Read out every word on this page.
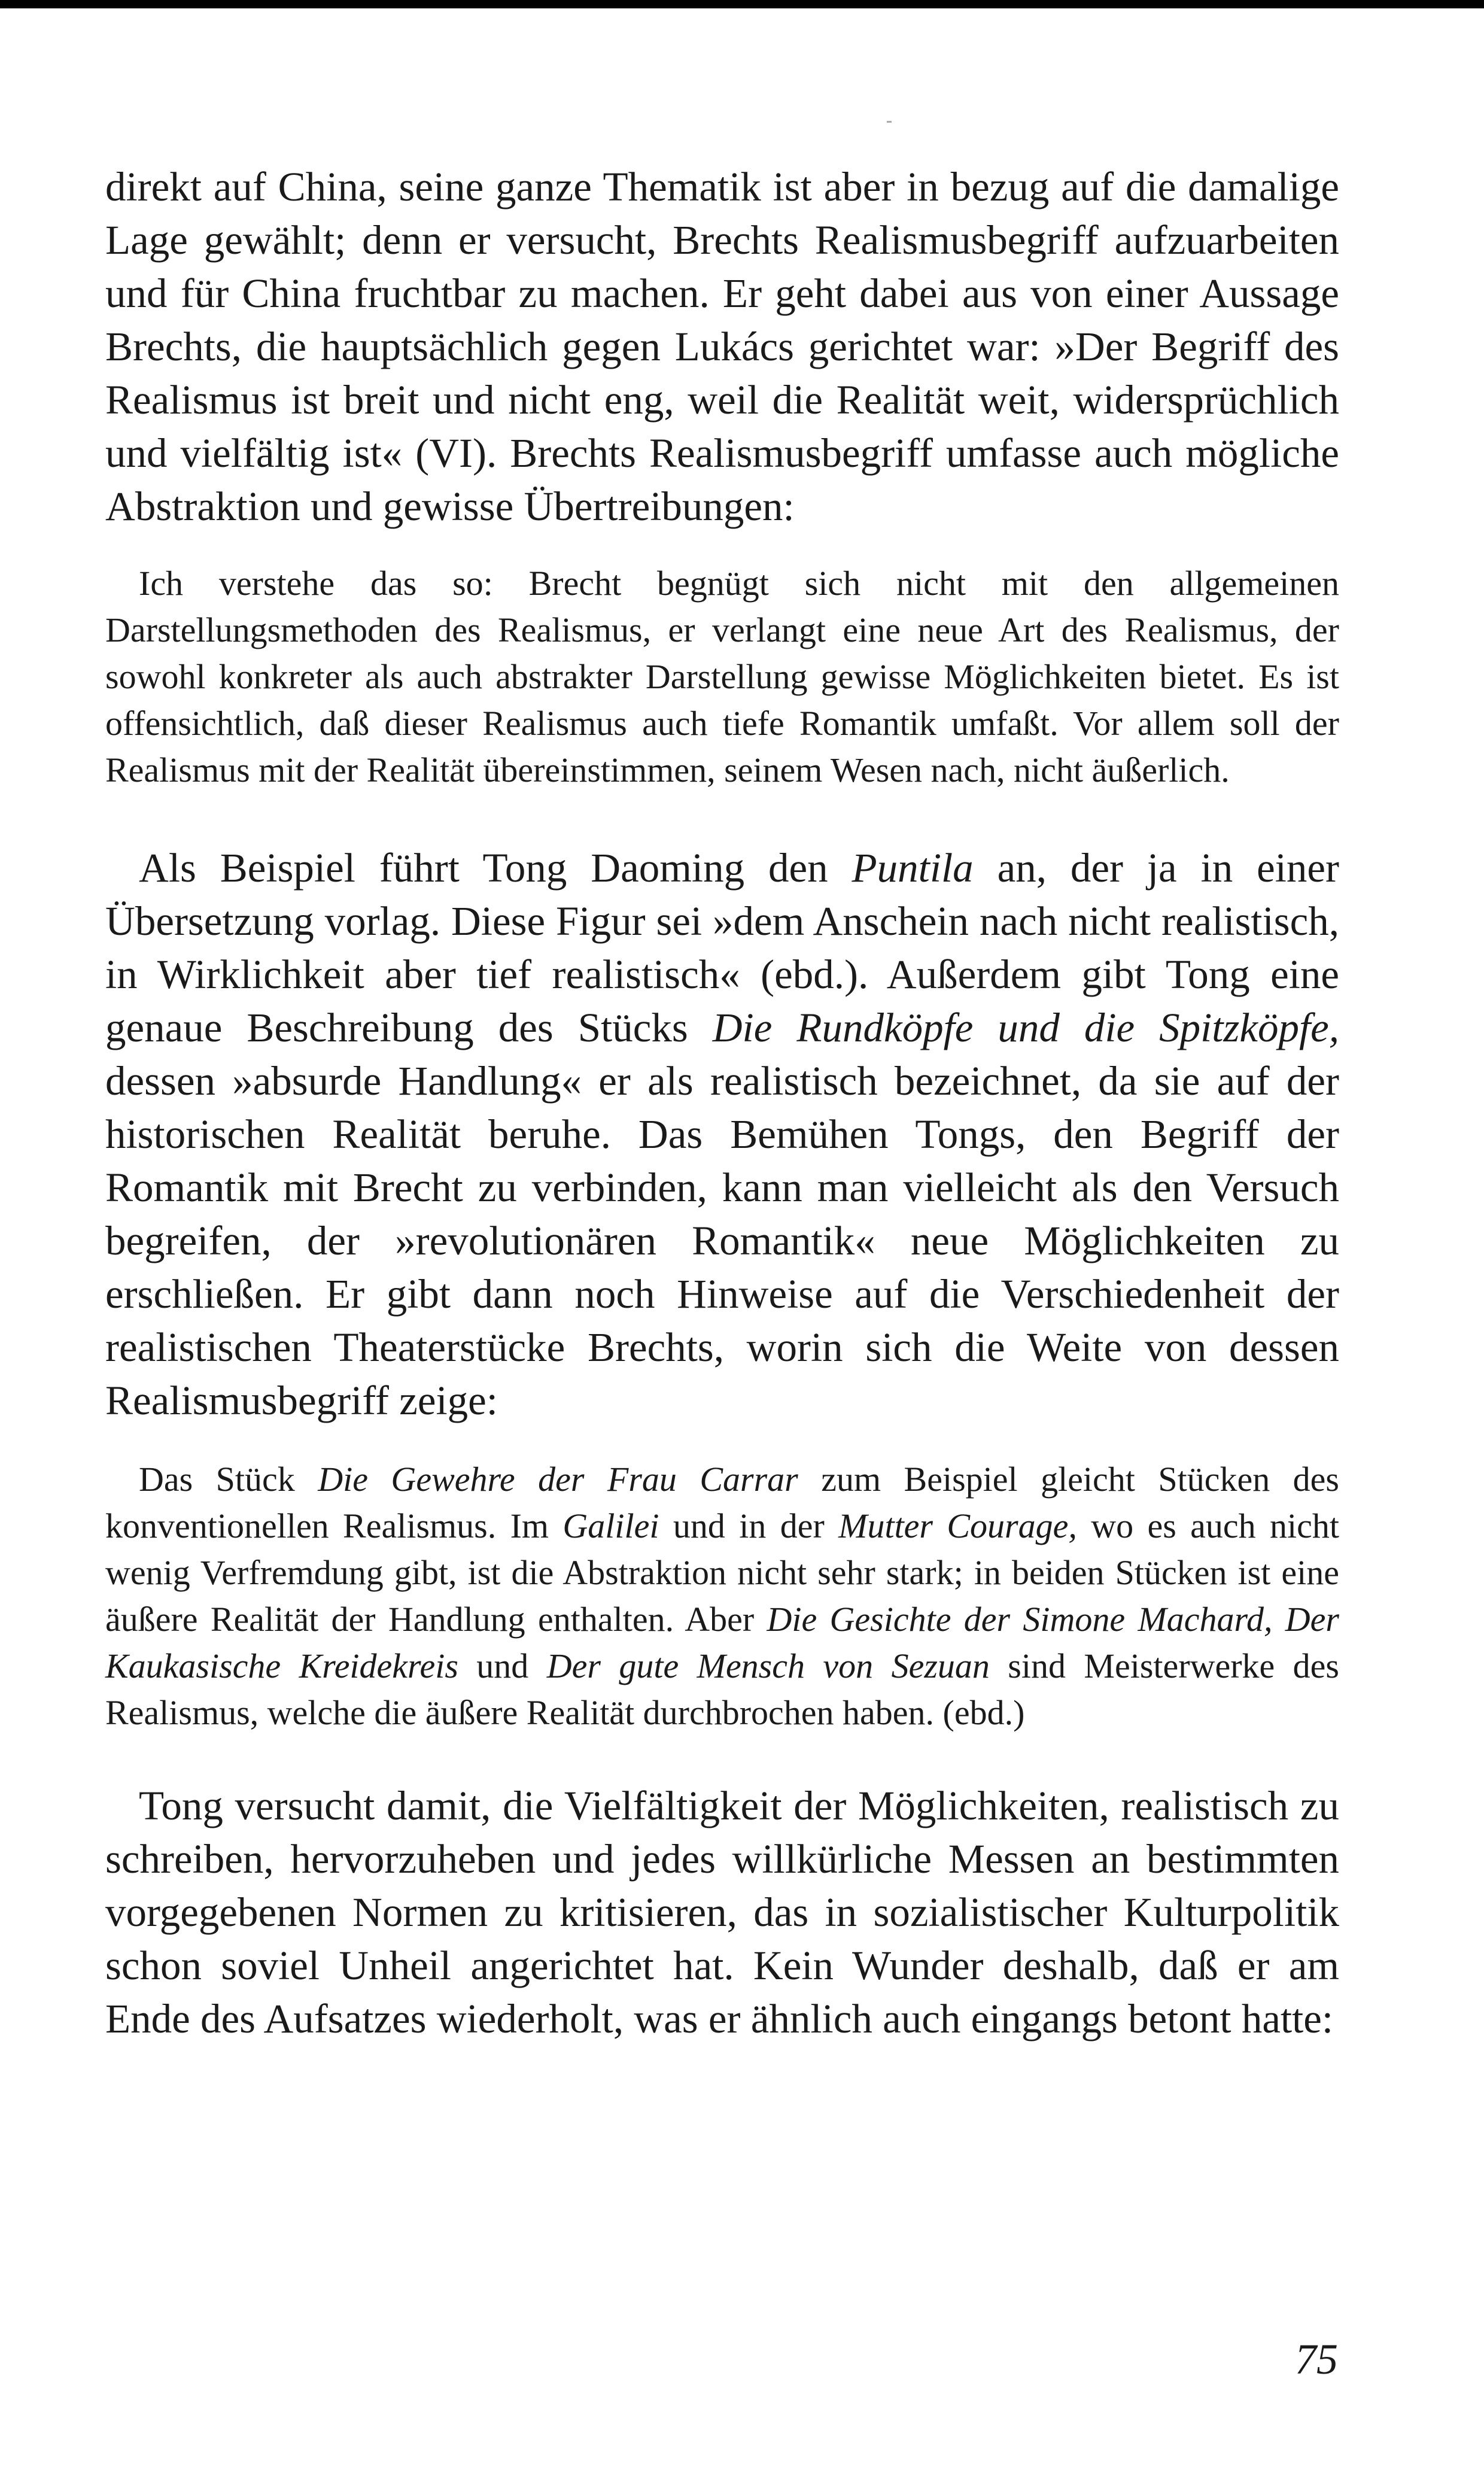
direkt auf China, seine ganze Thematik ist aber in bezug auf die damalige Lage gewählt; denn er versucht, Brechts Realismusbegriff aufzuarbeiten und für China fruchtbar zu machen. Er geht dabei aus von einer Aussage Brechts, die hauptsächlich gegen Lukács gerichtet war: »Der Begriff des Realismus ist breit und nicht eng, weil die Realität weit, widersprüchlich und vielfältig ist« (VI). Brechts Realismusbegriff umfasse auch mögliche Abstraktion und gewisse Übertreibungen:

Ich verstehe das so: Brecht begnügt sich nicht mit den allgemeinen Darstellungsmethoden des Realismus, er verlangt eine neue Art des Realismus, der sowohl konkreter als auch abstrakter Darstellung gewisse Möglichkeiten bietet. Es ist offensichtlich, daß dieser Realismus auch tiefe Romantik umfaßt. Vor allem soll der Realismus mit der Realität übereinstimmen, seinem Wesen nach, nicht äußerlich.

Als Beispiel führt Tong Daoming den Puntila an, der ja in einer Übersetzung vorlag. Diese Figur sei »dem Anschein nach nicht realistisch, in Wirklichkeit aber tief realistisch« (ebd.). Außerdem gibt Tong eine genaue Beschreibung des Stücks Die Rundköpfe und die Spitzköpfe, dessen »absurde Handlung« er als realistisch bezeichnet, da sie auf der historischen Realität beruhe. Das Bemühen Tongs, den Begriff der Romantik mit Brecht zu verbinden, kann man vielleicht als den Versuch begreifen, der »revolutionären Romantik« neue Möglichkeiten zu erschließen. Er gibt dann noch Hinweise auf die Verschiedenheit der realistischen Theaterstücke Brechts, worin sich die Weite von dessen Realismusbegriff zeige:

Das Stück Die Gewehre der Frau Carrar zum Beispiel gleicht Stücken des konventionellen Realismus. Im Galilei und in der Mutter Courage, wo es auch nicht wenig Verfremdung gibt, ist die Abstraktion nicht sehr stark; in beiden Stücken ist eine äußere Realität der Handlung enthalten. Aber Die Gesichte der Simone Machard, Der Kaukasische Kreidekreis und Der gute Mensch von Sezuan sind Meisterwerke des Realismus, welche die äußere Realität durchbrochen haben. (ebd.)

Tong versucht damit, die Vielfältigkeit der Möglichkeiten, realistisch zu schreiben, hervorzuheben und jedes willkürliche Messen an bestimmten vorgegebenen Normen zu kritisieren, das in sozialistischer Kulturpolitik schon soviel Unheil angerichtet hat. Kein Wunder deshalb, daß er am Ende des Aufsatzes wiederholt, was er ähnlich auch eingangs betont hatte:

75
